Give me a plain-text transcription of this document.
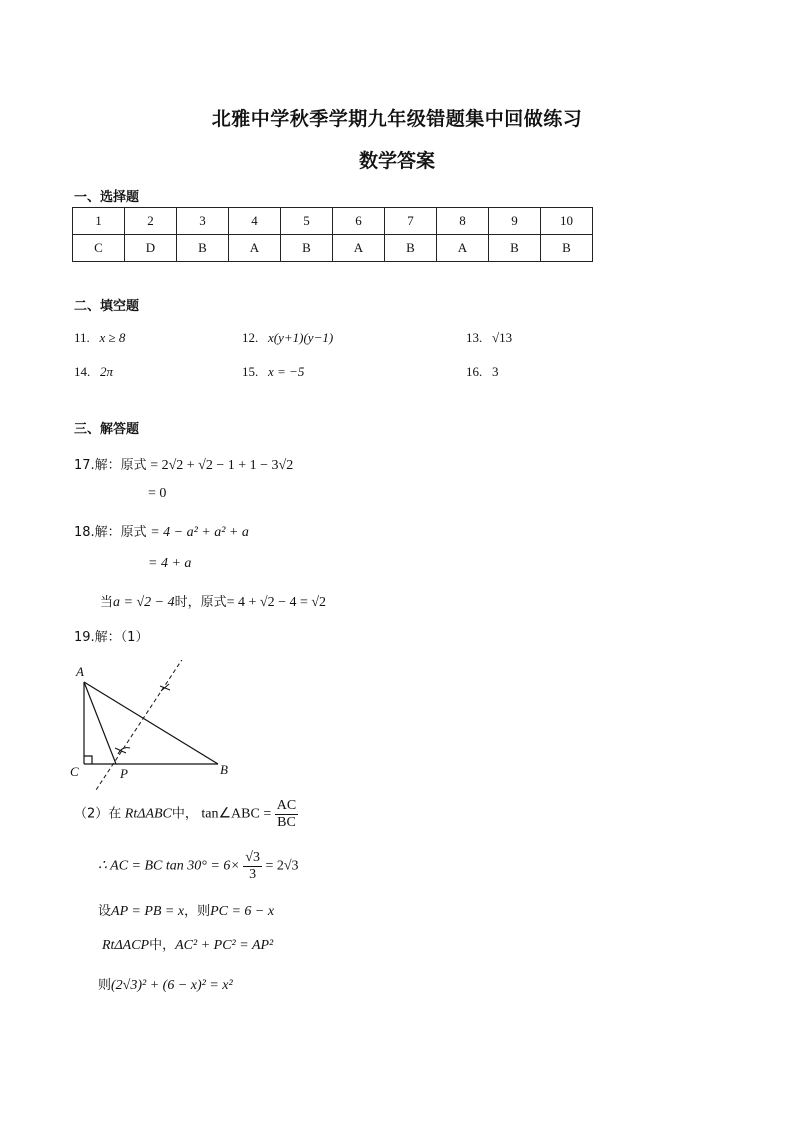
北雅中学秋季学期九年级错题集中回做练习
数学答案
一、选择题
1	2	3	4	5	6	7	8	9	10
C	D	B	A	B	A	B	A	B	B
二、填空题
11. x ≥ 8	12. x(y+1)(y−1)	13. √13
14. 2π	15. x = −5	16. 3
三、解答题
17.解：原式 = 2√2 + √2 − 1 + 1 − 3√2
= 0
18.解：原式 = 4 − a² + a² + a
= 4 + a
当a = √2 − 4时，原式= 4 + √2 − 4 = √2
19.解：（1）
A
C	P	B
（2）在 RtΔABC中， tan∠ABC = $\frac{AC}{BC}$
∴ AC = BC $\tan 30^\circ = 6\times \frac{√3}{3} = 2√3$
设AP = PB = x，则PC = 6 − x
RtΔACP中，AC² + PC² = AP²
则(2√3)² + (6 − x)² = x²
